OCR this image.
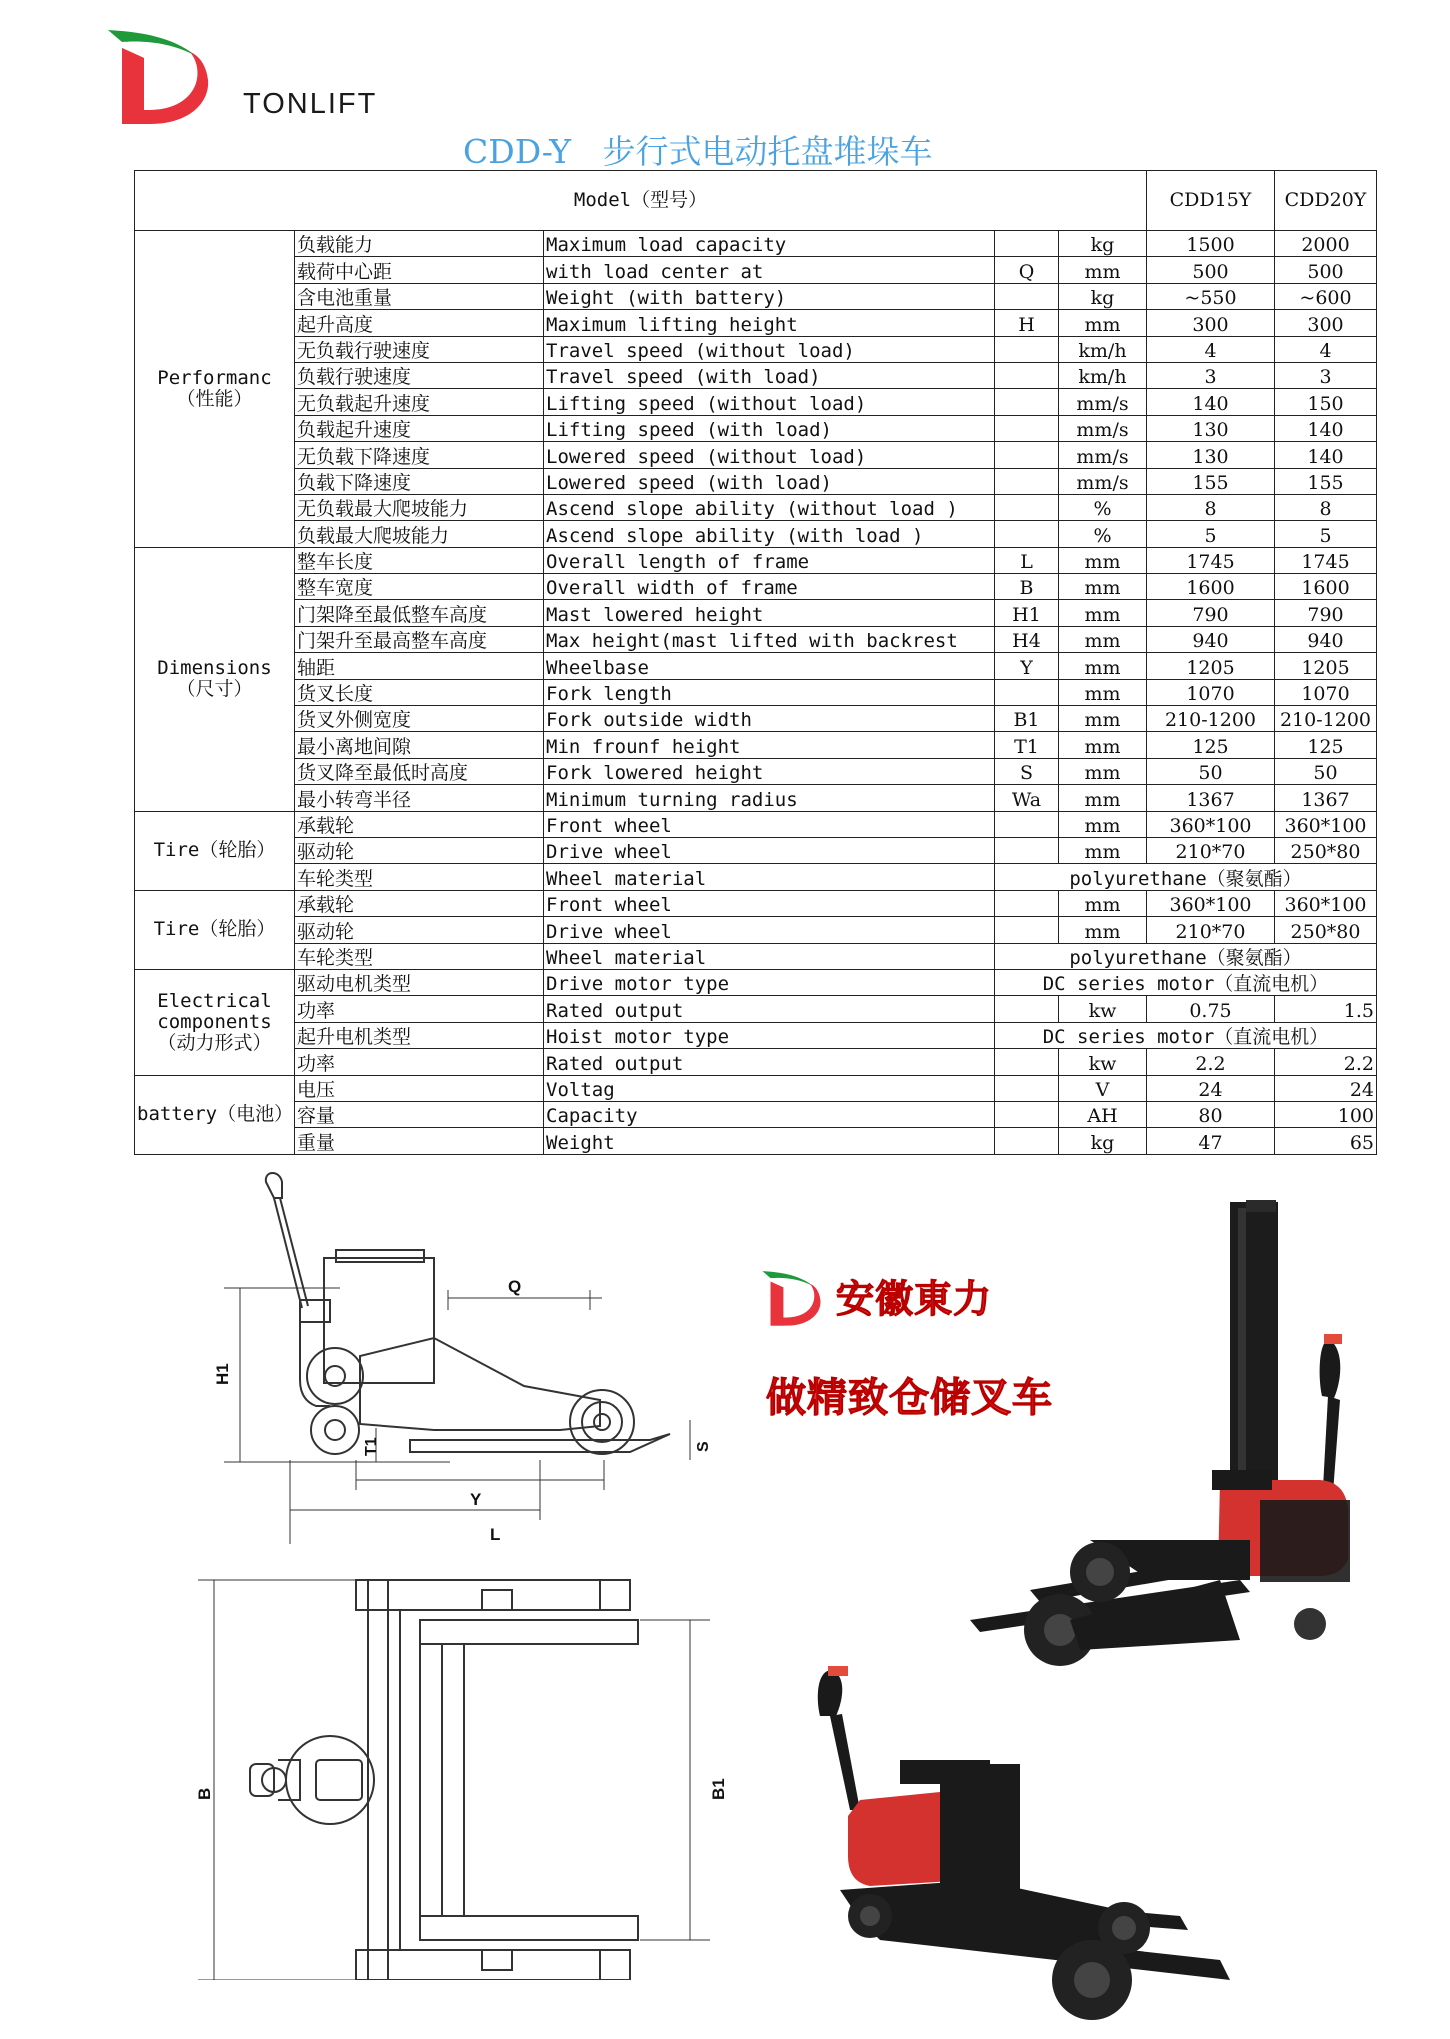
TONLIFT
CDD-Y   步行式电动托盘堆垛车
Model（型号）					CDD15Y	CDD20Y

Performanc
（性能）	负载能力	Maximum load capacity		kg	1500	2000
	载荷中心距	with load center at	Q	mm	500	500
	含电池重量	Weight (with battery)		kg	~550	~600
	起升高度	Maximum lifting height	H	mm	300	300
	无负载行驶速度	Travel speed (without load)		km/h	4	4
	负载行驶速度	Travel speed (with load)		km/h	3	3
	无负载起升速度	Lifting speed (without load)		mm/s	140	150
	负载起升速度	Lifting speed (with load)		mm/s	130	140
	无负载下降速度	Lowered speed (without load)		mm/s	130	140
	负载下降速度	Lowered speed (with load)		mm/s	155	155
	无负载最大爬坡能力	Ascend slope ability (without load )		%	8	8
	负载最大爬坡能力	Ascend slope ability (with load )		%	5	5

Dimensions
（尺寸）	整车长度	Overall length of frame	L	mm	1745	1745
	整车宽度	Overall width of frame	B	mm	1600	1600
	门架降至最低整车高度	Mast lowered height	H1	mm	790	790
	门架升至最高整车高度	Max height(mast lifted with backrest	H4	mm	940	940
	轴距	Wheelbase	Y	mm	1205	1205
	货叉长度	Fork length		mm	1070	1070
	货叉外侧宽度	Fork outside width	B1	mm	210-1200	210-1200
	最小离地间隙	Min frounf height	T1	mm	125	125
	货叉降至最低时高度	Fork lowered height	S	mm	50	50
	最小转弯半径	Minimum turning radius	Wa	mm	1367	1367
Tire（轮胎）	承载轮	Front wheel		mm	360*100	360*100
	驱动轮	Drive wheel		mm	210*70	250*80
	车轮类型	Wheel material	polyurethane（聚氨酯）			
Tire（轮胎）	承载轮	Front wheel		mm	360*100	360*100
	驱动轮	Drive wheel		mm	210*70	250*80
	车轮类型	Wheel material	polyurethane（聚氨酯）			

Electrical
components
（动力形式）	驱动电机类型	Drive motor type	DC series motor（直流电机）			
	功率	Rated output		kw	0.75	1.5
	起升电机类型	Hoist motor type	DC series motor（直流电机）			
	功率	Rated output		kw	2.2	2.2
battery（电池）	电压	Voltag		V	24	24
	容量	Capacity		AH	80	100
	重量	Weight		kg	47	65
H1
Q
T1	S
Y
L
B	B1
安徽東力
做精致仓储叉车
